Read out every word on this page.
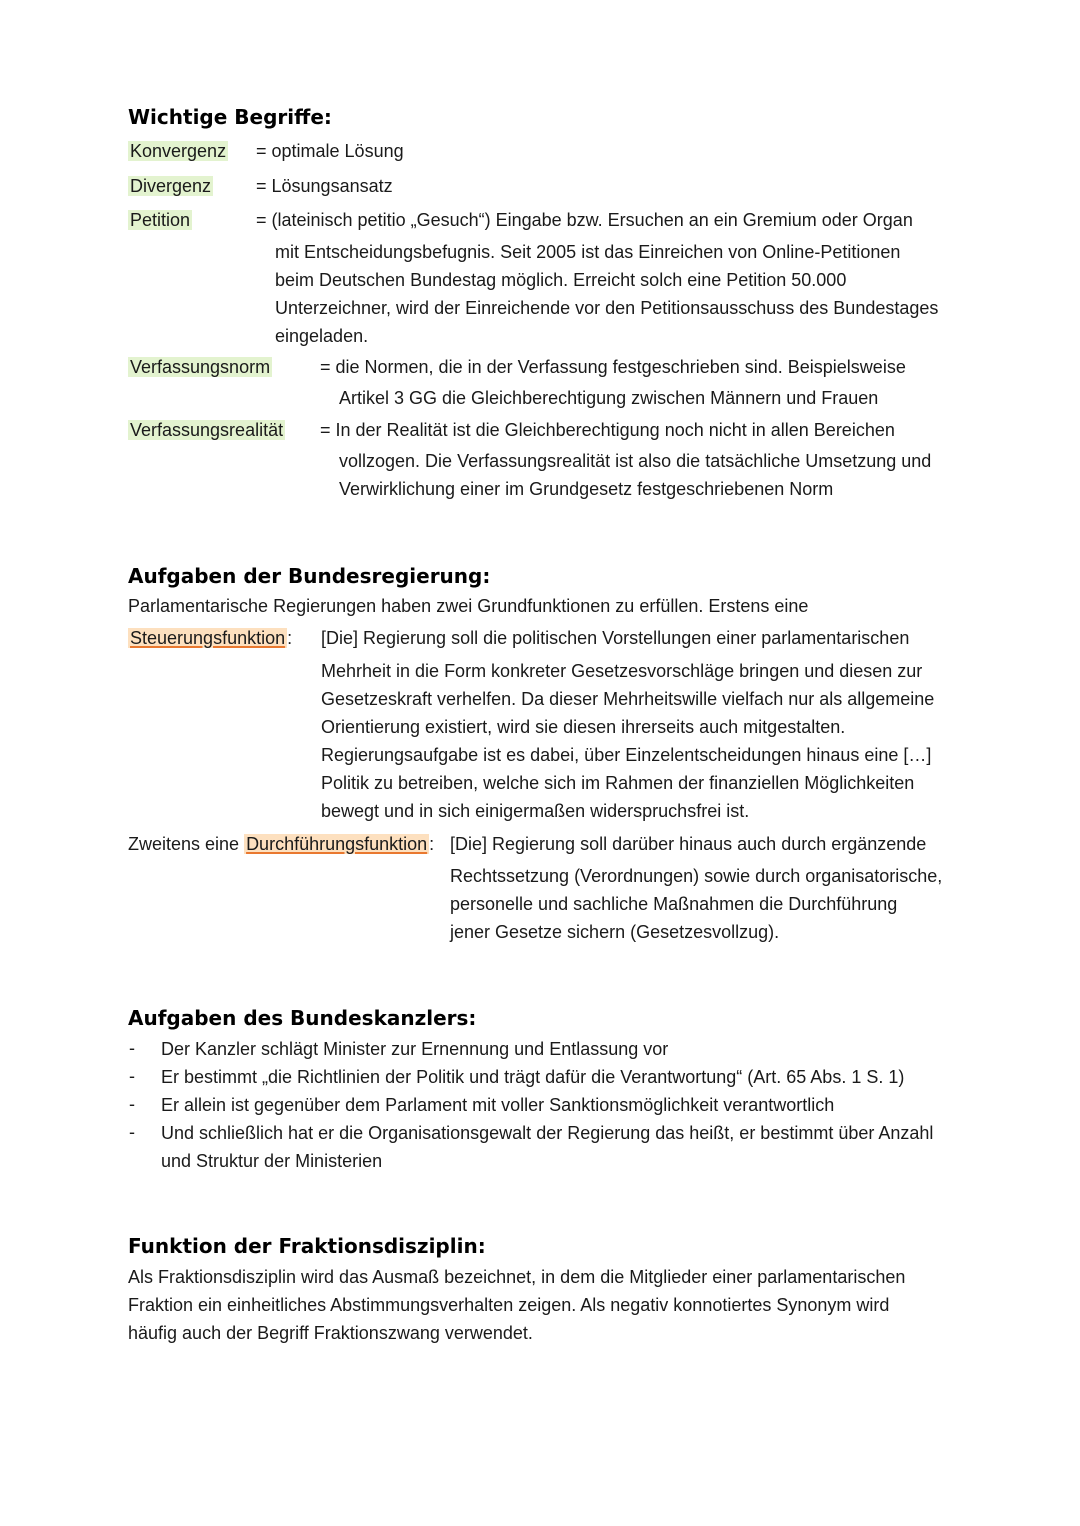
Wichtige Begriffe:
Konvergenz = optimale Lösung
Divergenz = Lösungsansatz
Petition	= (lateinisch petitio „Gesuch“) Eingabe bzw. Ersuchen an ein Gremium oder Organ
mit Entscheidungsbefugnis. Seit 2005 ist das Einreichen von Online-Petitionen
beim Deutschen Bundestag möglich. Erreicht solch eine Petition 50.000
Unterzeichner, wird der Einreichende vor den Petitionsausschuss des Bundestages
eingeladen.
Verfassungsnorm	= die Normen, die in der Verfassung festgeschrieben sind. Beispielsweise
Artikel 3 GG die Gleichberechtigung zwischen Männern und Frauen
Verfassungsrealität = In der Realität ist die Gleichberechtigung noch nicht in allen Bereichen
vollzogen. Die Verfassungsrealität ist also die tatsächliche Umsetzung und
Verwirklichung einer im Grundgesetz festgeschriebenen Norm
Aufgaben der Bundesregierung:
Parlamentarische Regierungen haben zwei Grundfunktionen zu erfüllen. Erstens eine
Steuerungsfunktion : [Die] Regierung soll die politischen Vorstellungen einer parlamentarischen
Mehrheit in die Form konkreter Gesetzesvorschläge bringen und diesen zur
Gesetzeskraft verhelfen. Da dieser Mehrheitswille vielfach nur als allgemeine
Orientierung existiert, wird sie diesen ihrerseits auch mitgestalten.
Regierungsaufgabe ist es dabei, über Einzelentscheidungen hinaus eine […]
Politik zu betreiben, welche sich im Rahmen der finanziellen Möglichkeiten
bewegt und in sich einigermaßen widerspruchsfrei ist.
Zweitens eine Durchführungsfunktion : [Die] Regierung soll darüber hinaus auch durch ergänzende
Rechtssetzung (Verordnungen) sowie durch organisatorische,
personelle und sachliche Maßnahmen die Durchführung
jener Gesetze sichern (Gesetzesvollzug).
Aufgaben des Bundeskanzlers:
- Der Kanzler schlägt Minister zur Ernennung und Entlassung vor
- Er bestimmt „die Richtlinien der Politik und trägt dafür die Verantwortung“ (Art. 65 Abs. 1 S. 1)
- Er allein ist gegenüber dem Parlament mit voller Sanktionsmöglichkeit verantwortlich
- Und schließlich hat er die Organisationsgewalt der Regierung das heißt, er bestimmt über Anzahl
und Struktur der Ministerien
Funktion der Fraktionsdisziplin:
Als Fraktionsdisziplin wird das Ausmaß bezeichnet, in dem die Mitglieder einer parlamentarischen
Fraktion ein einheitliches Abstimmungsverhalten zeigen. Als negativ konnotiertes Synonym wird
häufig auch der Begriff Fraktionszwang verwendet.
